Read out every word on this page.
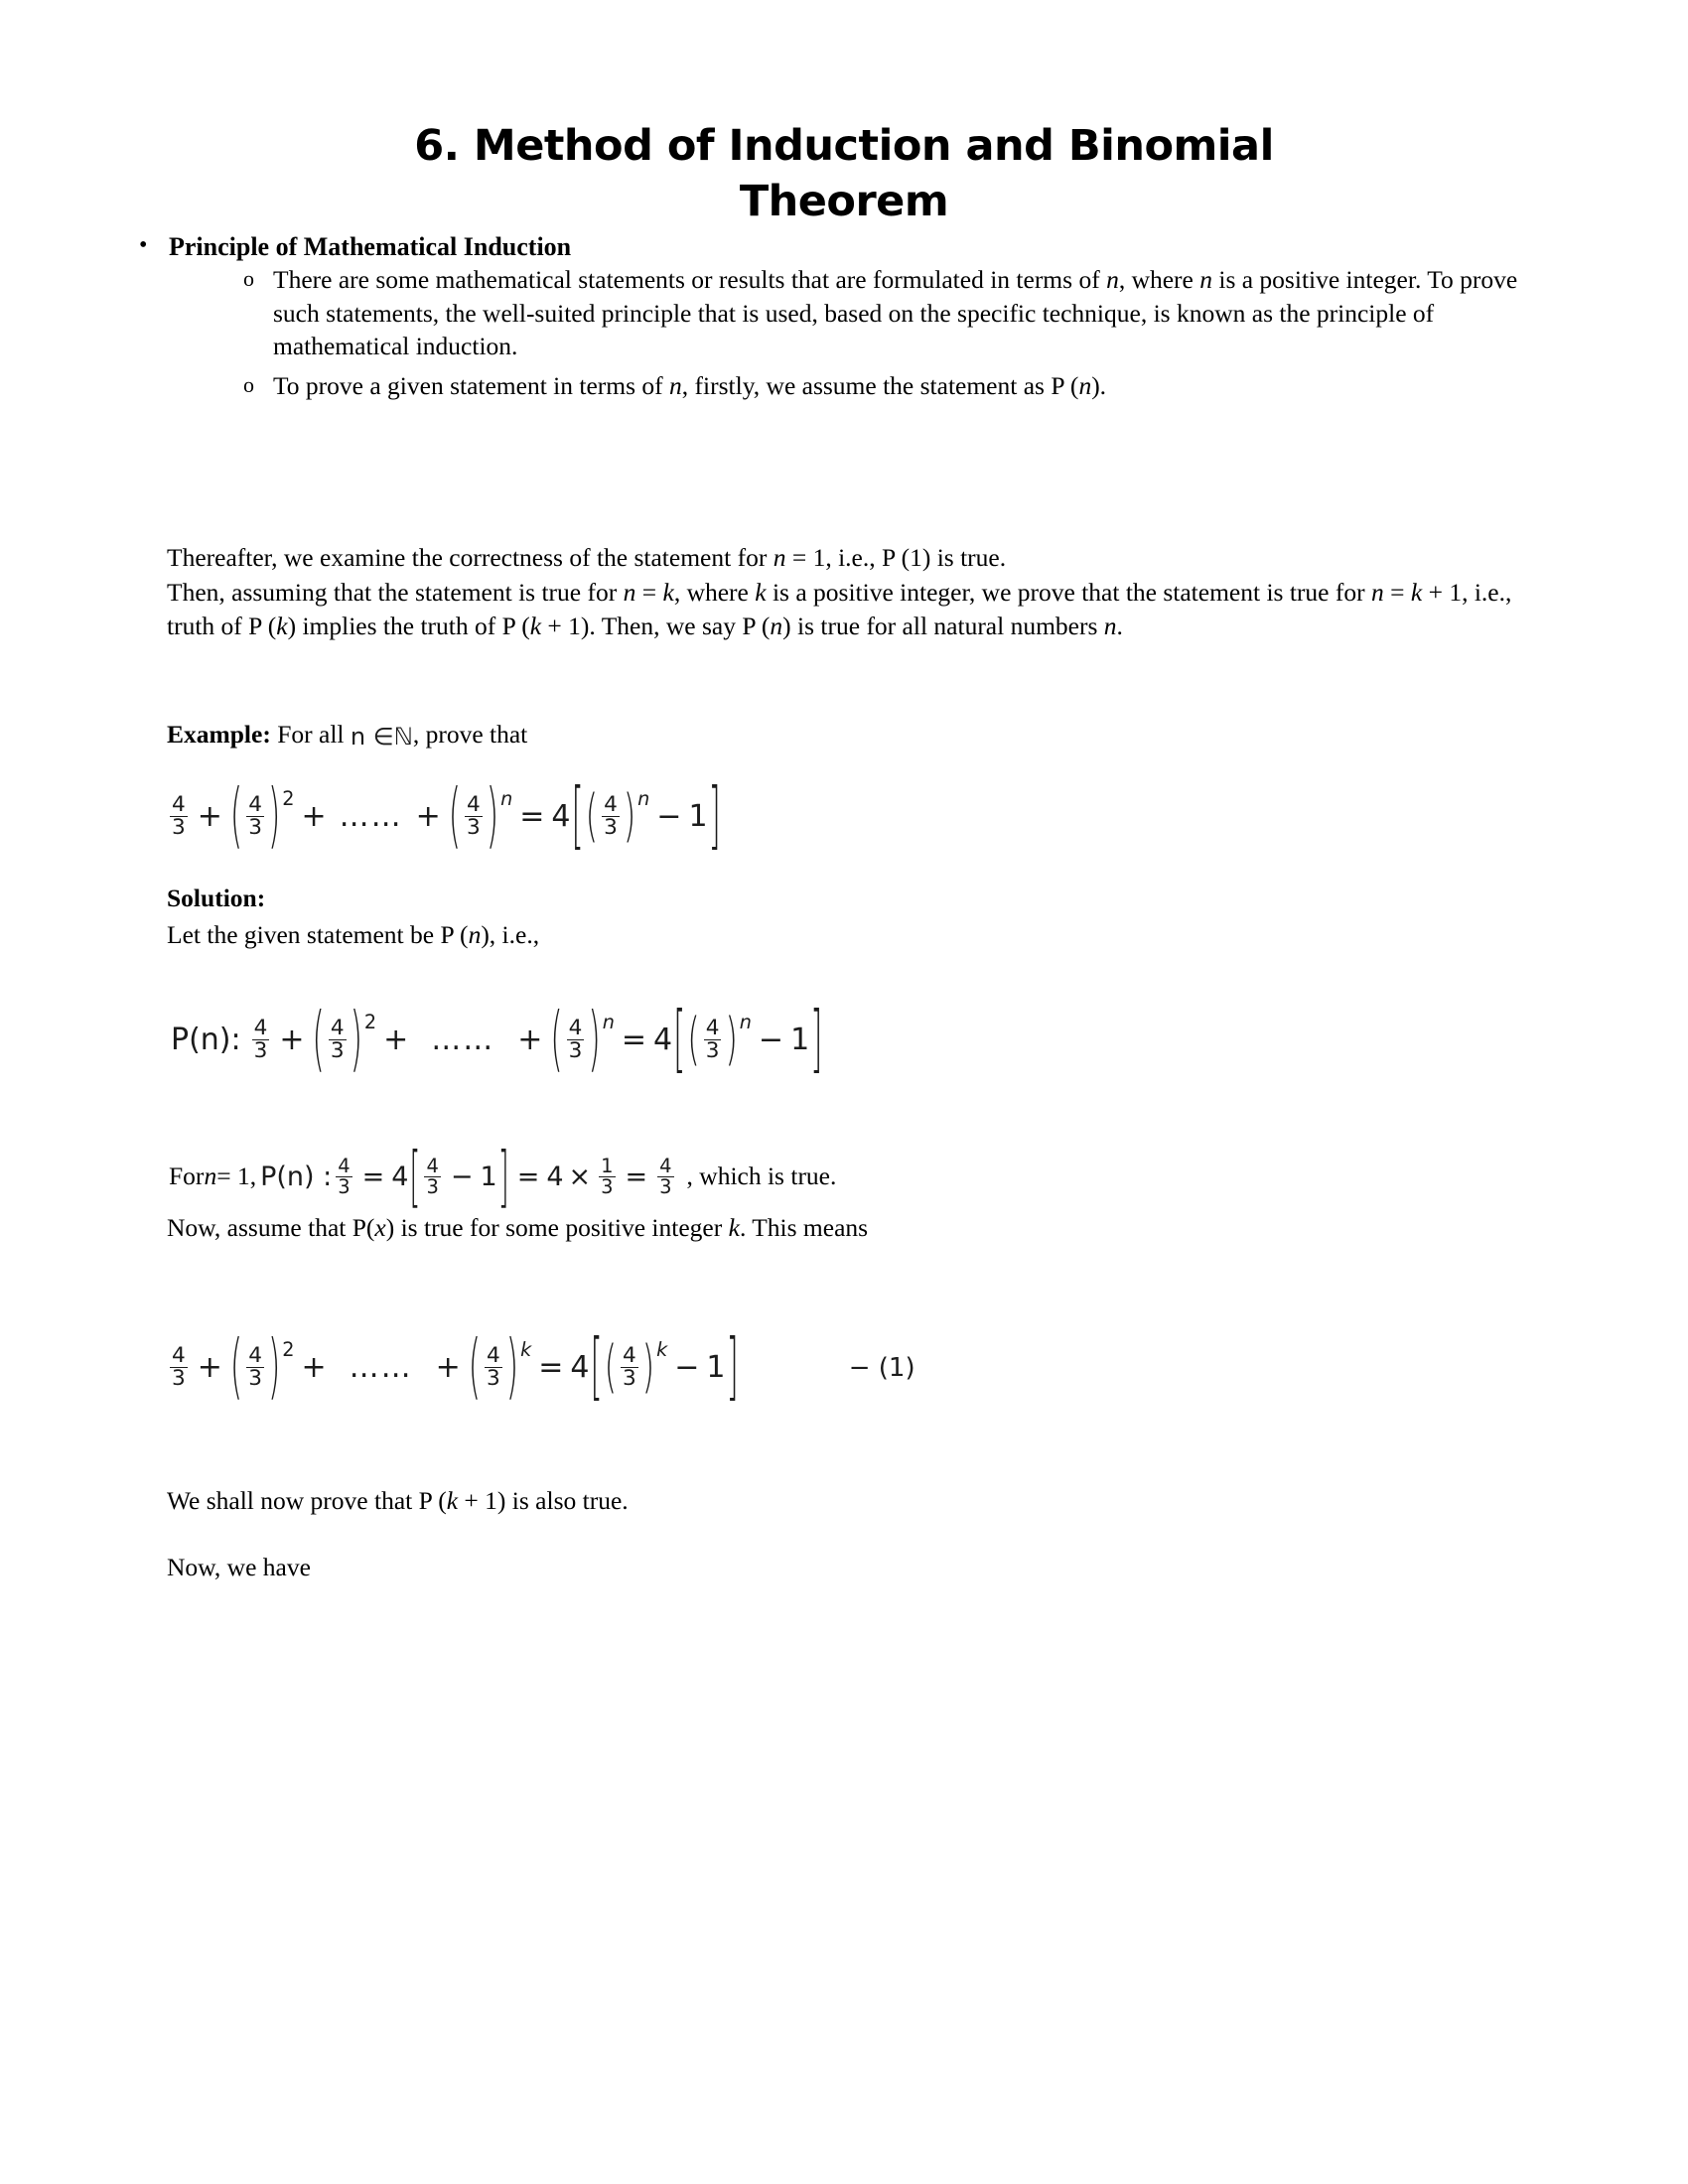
6. Method of Induction and Binomial
Theorem
• Principle of Mathematical Induction
o There are some mathematical statements or results that are formulated in terms of n, where n is a positive integer. To prove such statements, the well-suited principle that is used, based on the specific technique, is known as the principle of mathematical induction.
o To prove a given statement in terms of n, firstly, we assume the statement as P (n).
Thereafter, we examine the correctness of the statement for n = 1, i.e., P (1) is true.
Then, assuming that the statement is true for n = k, where k is a positive integer, we prove that the statement is true for n = k + 1, i.e., truth of P (k) implies the truth of P (k + 1). Then, we say P (n) is true for all natural numbers n.
Example: For all n ∈ℕ, prove that
$\frac{4}{3}$ + ( $\frac{4}{3}$ ) 2
+ …… + ( $\frac{4}{3}$ ) n
= 4 [ ( $\frac{4}{3}$ ) n
− 1 ]
Solution:
Let the given statement be P (n), i.e.,
P(n): $\frac{4}{3}$ + ( $\frac{4}{3}$ ) 2
+ …… + ( $\frac{4}{3}$ ) n
= 4 [ ( $\frac{4}{3}$ ) n
− 1 ]
For n = 1, P(n) : $\frac{4}{3} = 4$ [ $\frac{4}{3} - 1$ ] = $4 \times \frac{1}{3} = \frac{4}{3}$ , which is true.
Now, assume that P(x) is true for some positive integer k. This means
$\frac{4}{3}$ + ( $\frac{4}{3}$ ) 2
+ …… + ( $\frac{4}{3}$ ) k
= 4 [ ( $\frac{4}{3}$ ) k
− 1 ]	− (1)
We shall now prove that P (k + 1) is also true.
Now, we have
